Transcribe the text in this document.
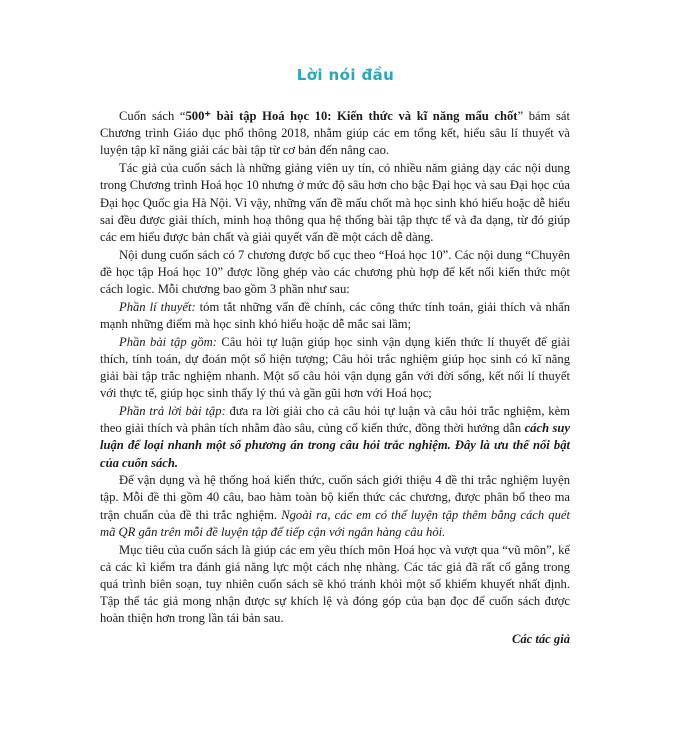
Lời nói đầu

Cuốn sách “500⁺ bài tập Hoá học 10: Kiến thức và kĩ năng mấu chốt” bám sát Chương trình Giáo dục phổ thông 2018, nhằm giúp các em tổng kết, hiểu sâu lí thuyết và luyện tập kĩ năng giải các bài tập từ cơ bản đến nâng cao.

Tác giả của cuốn sách là những giảng viên uy tín, có nhiều năm giảng dạy các nội dung trong Chương trình Hoá học 10 nhưng ở mức độ sâu hơn cho bậc Đại học và sau Đại học của Đại học Quốc gia Hà Nội. Vì vậy, những vấn đề mấu chốt mà học sinh khó hiểu hoặc dễ hiểu sai đều được giải thích, minh hoạ thông qua hệ thống bài tập thực tế và đa dạng, từ đó giúp các em hiểu được bản chất và giải quyết vấn đề một cách dễ dàng.

Nội dung cuốn sách có 7 chương được bố cục theo “Hoá học 10”. Các nội dung “Chuyên đề học tập Hoá học 10” được lồng ghép vào các chương phù hợp để kết nối kiến thức một cách logic. Mỗi chương bao gồm 3 phần như sau:

Phần lí thuyết: tóm tắt những vấn đề chính, các công thức tính toán, giải thích và nhấn mạnh những điểm mà học sinh khó hiểu hoặc dễ mắc sai lầm;

Phần bài tập gồm: Câu hỏi tự luận giúp học sinh vận dụng kiến thức lí thuyết để giải thích, tính toán, dự đoán một số hiện tượng; Câu hỏi trắc nghiệm giúp học sinh có kĩ năng giải bài tập trắc nghiệm nhanh. Một số câu hỏi vận dụng gắn với đời sống, kết nối lí thuyết với thực tế, giúp học sinh thấy lý thú và gần gũi hơn với Hoá học;

Phần trả lời bài tập: đưa ra lời giải cho cả câu hỏi tự luận và câu hỏi trắc nghiệm, kèm theo giải thích và phân tích nhằm đào sâu, củng cố kiến thức, đồng thời hướng dẫn cách suy luận để loại nhanh một số phương án trong câu hỏi trắc nghiệm. Đây là ưu thế nổi bật của cuốn sách.

Để vận dụng và hệ thống hoá kiến thức, cuốn sách giới thiệu 4 đề thi trắc nghiệm luyện tập. Mỗi đề thi gồm 40 câu, bao hàm toàn bộ kiến thức các chương, được phân bố theo ma trận chuẩn của đề thi trắc nghiệm. Ngoài ra, các em có thể luyện tập thêm bằng cách quét mã QR gắn trên mỗi đề luyện tập để tiếp cận với ngân hàng câu hỏi.

Mục tiêu của cuốn sách là giúp các em yêu thích môn Hoá học và vượt qua “vũ môn”, kể cả các kì kiểm tra đánh giá năng lực một cách nhẹ nhàng. Các tác giả đã rất cố gắng trong quá trình biên soạn, tuy nhiên cuốn sách sẽ khó tránh khỏi một số khiếm khuyết nhất định. Tập thể tác giả mong nhận được sự khích lệ và đóng góp của bạn đọc để cuốn sách được hoàn thiện hơn trong lần tái bản sau.

Các tác giả
